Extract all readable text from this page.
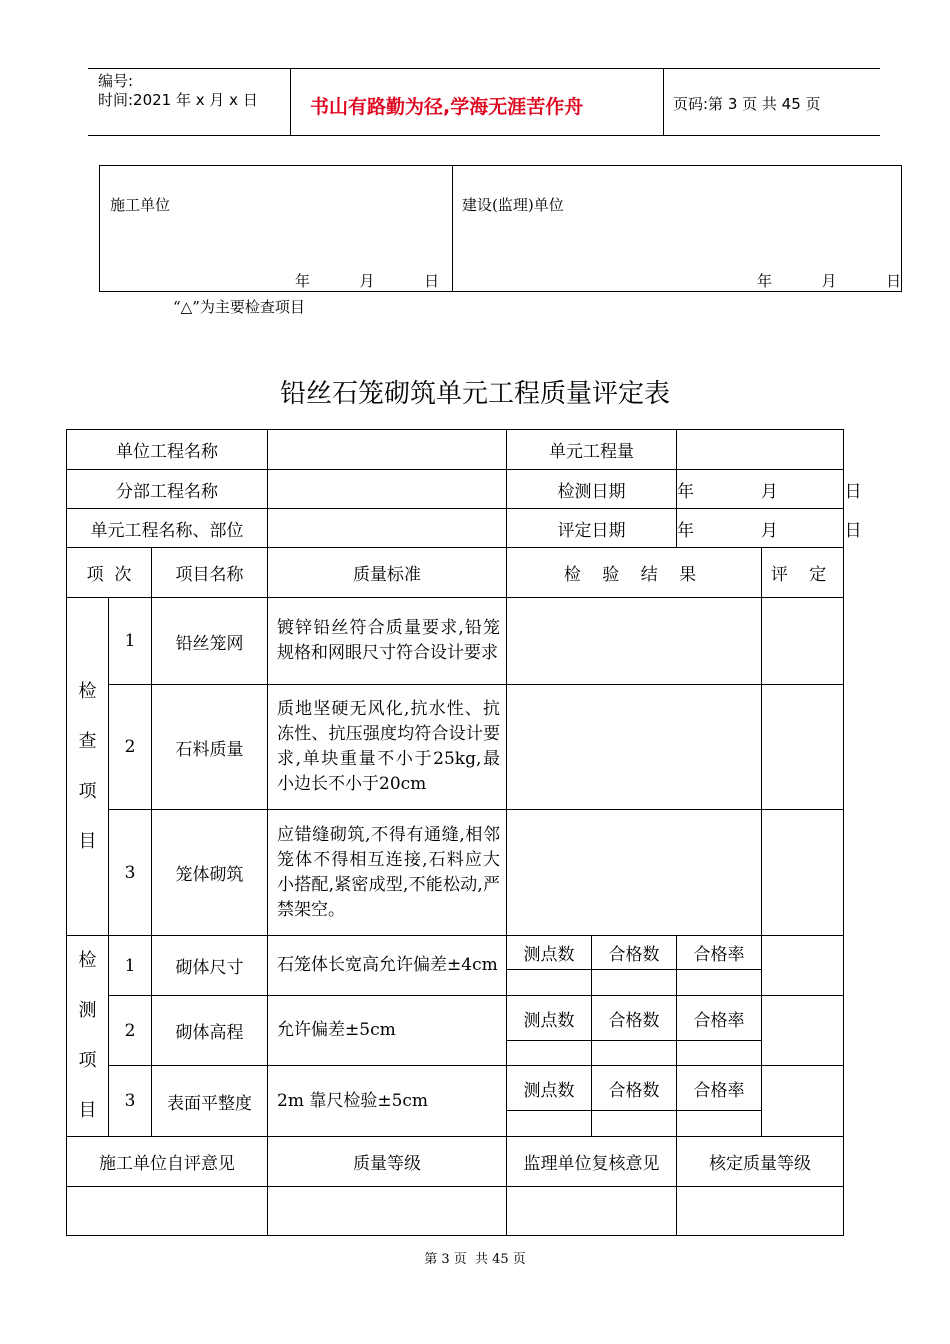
编号:
时间:2021 年 x 月 x 日	书山有路勤为径,学海无涯苦作舟	页码:第 3 页 共 45 页
施工单位
年  月  日

建设(监理)单位
年  月  日
“△”为主要检查项目
铅丝石笼砌筑单元工程质量评定表
单位工程名称				单元工程量			
分部工程名称				检测日期		年  月  日	
单元工程名称、部位				评定日期		年  月  日	
项  次		项目名称	质量标准	检 验 结 果			评 定

检查项目	1	铅丝笼网	镀锌铅丝符合质量要求,铅笼规格和网眼尺寸符合设计要求				
	2	石料质量	质地坚硬无风化,抗水性、抗冻性、抗压强度均符合设计要求,单块重量不小于25kg,最小边长不小于20cm				
	3	笼体砌筑	应错缝砌筑,不得有通缝,相邻笼体不得相互连接,石料应大小搭配,紧密成型,不能松动,严禁架空。				

检测项目	1	砌体尺寸	石笼体长宽高允许偏差±4cm	测点数	合格数	合格率	

	2	砌体高程	允许偏差±5cm	测点数	合格数	合格率	

	3	表面平整度	2m 靠尺检验±5cm	测点数	合格数	合格率	

施工单位自评意见			质量等级	监理单位复核意见		核定质量等级	

第 3 页  共 45 页
